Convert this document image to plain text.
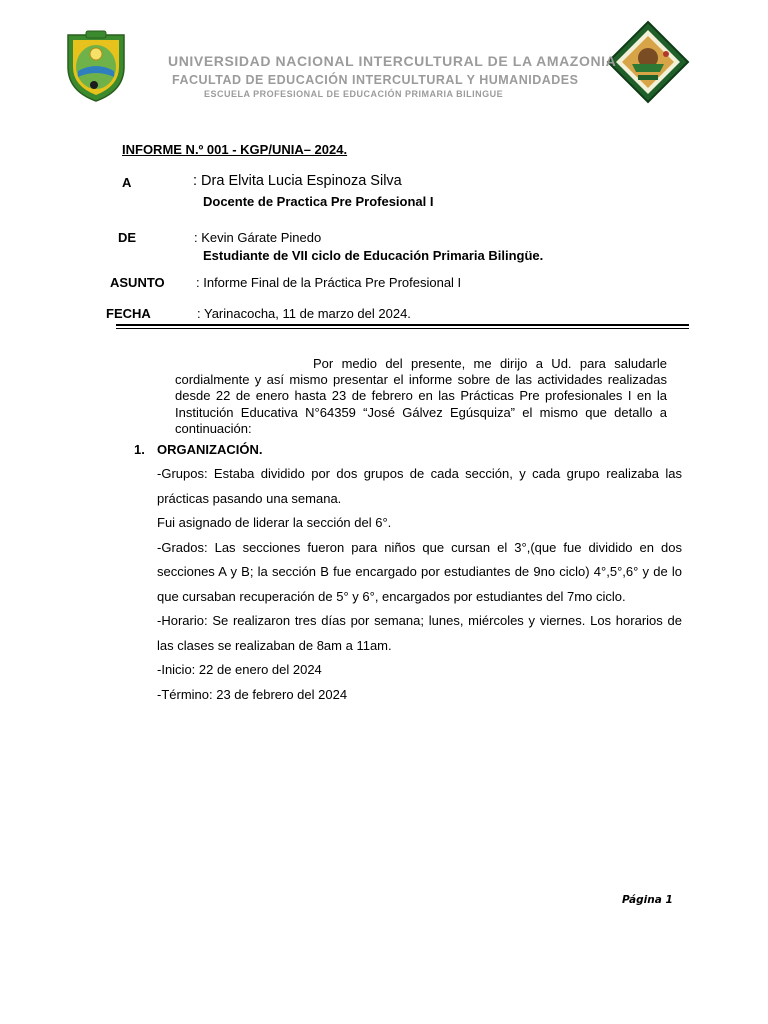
UNIVERSIDAD NACIONAL INTERCULTURAL DE LA AMAZONIA
FACULTAD DE EDUCACIÓN INTERCULTURAL Y HUMANIDADES
ESCUELA PROFESIONAL DE EDUCACIÓN PRIMARIA BILINGUE
INFORME N.º 001 - KGP/UNIA– 2024.
A	: Dra Elvita Lucia Espinoza Silva
Docente de Practica Pre Profesional I
DE	: Kevin Gárate Pinedo
Estudiante de VII ciclo de Educación Primaria Bilingüe.
ASUNTO : Informe Final de la Práctica Pre Profesional I
FECHA	: Yarinacocha, 11 de marzo del 2024.
Por medio del presente, me dirijo a Ud. para saludarle cordialmente y así mismo presentar el informe sobre de las actividades realizadas desde 22 de enero hasta 23 de febrero en las Prácticas Pre profesionales I en la Institución Educativa N°64359 “José Gálvez Egúsquiza” el mismo que detallo a continuación:
1. ORGANIZACIÓN.

-Grupos: Estaba dividido por dos grupos de cada sección, y cada grupo realizaba las prácticas pasando una semana.

Fui asignado de liderar la sección del 6°.

-Grados: Las secciones fueron para niños que cursan el 3°,(que fue dividido en dos secciones A y B; la sección B fue encargado por estudiantes de 9no ciclo) 4°,5°,6° y de lo que cursaban recuperación de 5° y 6°, encargados por estudiantes del 7mo ciclo.

-Horario: Se realizaron tres días por semana; lunes, miércoles y viernes. Los horarios de las clases se realizaban de 8am a 11am.

-Inicio: 22 de enero del 2024

-Término: 23 de febrero del 2024

Página 1
